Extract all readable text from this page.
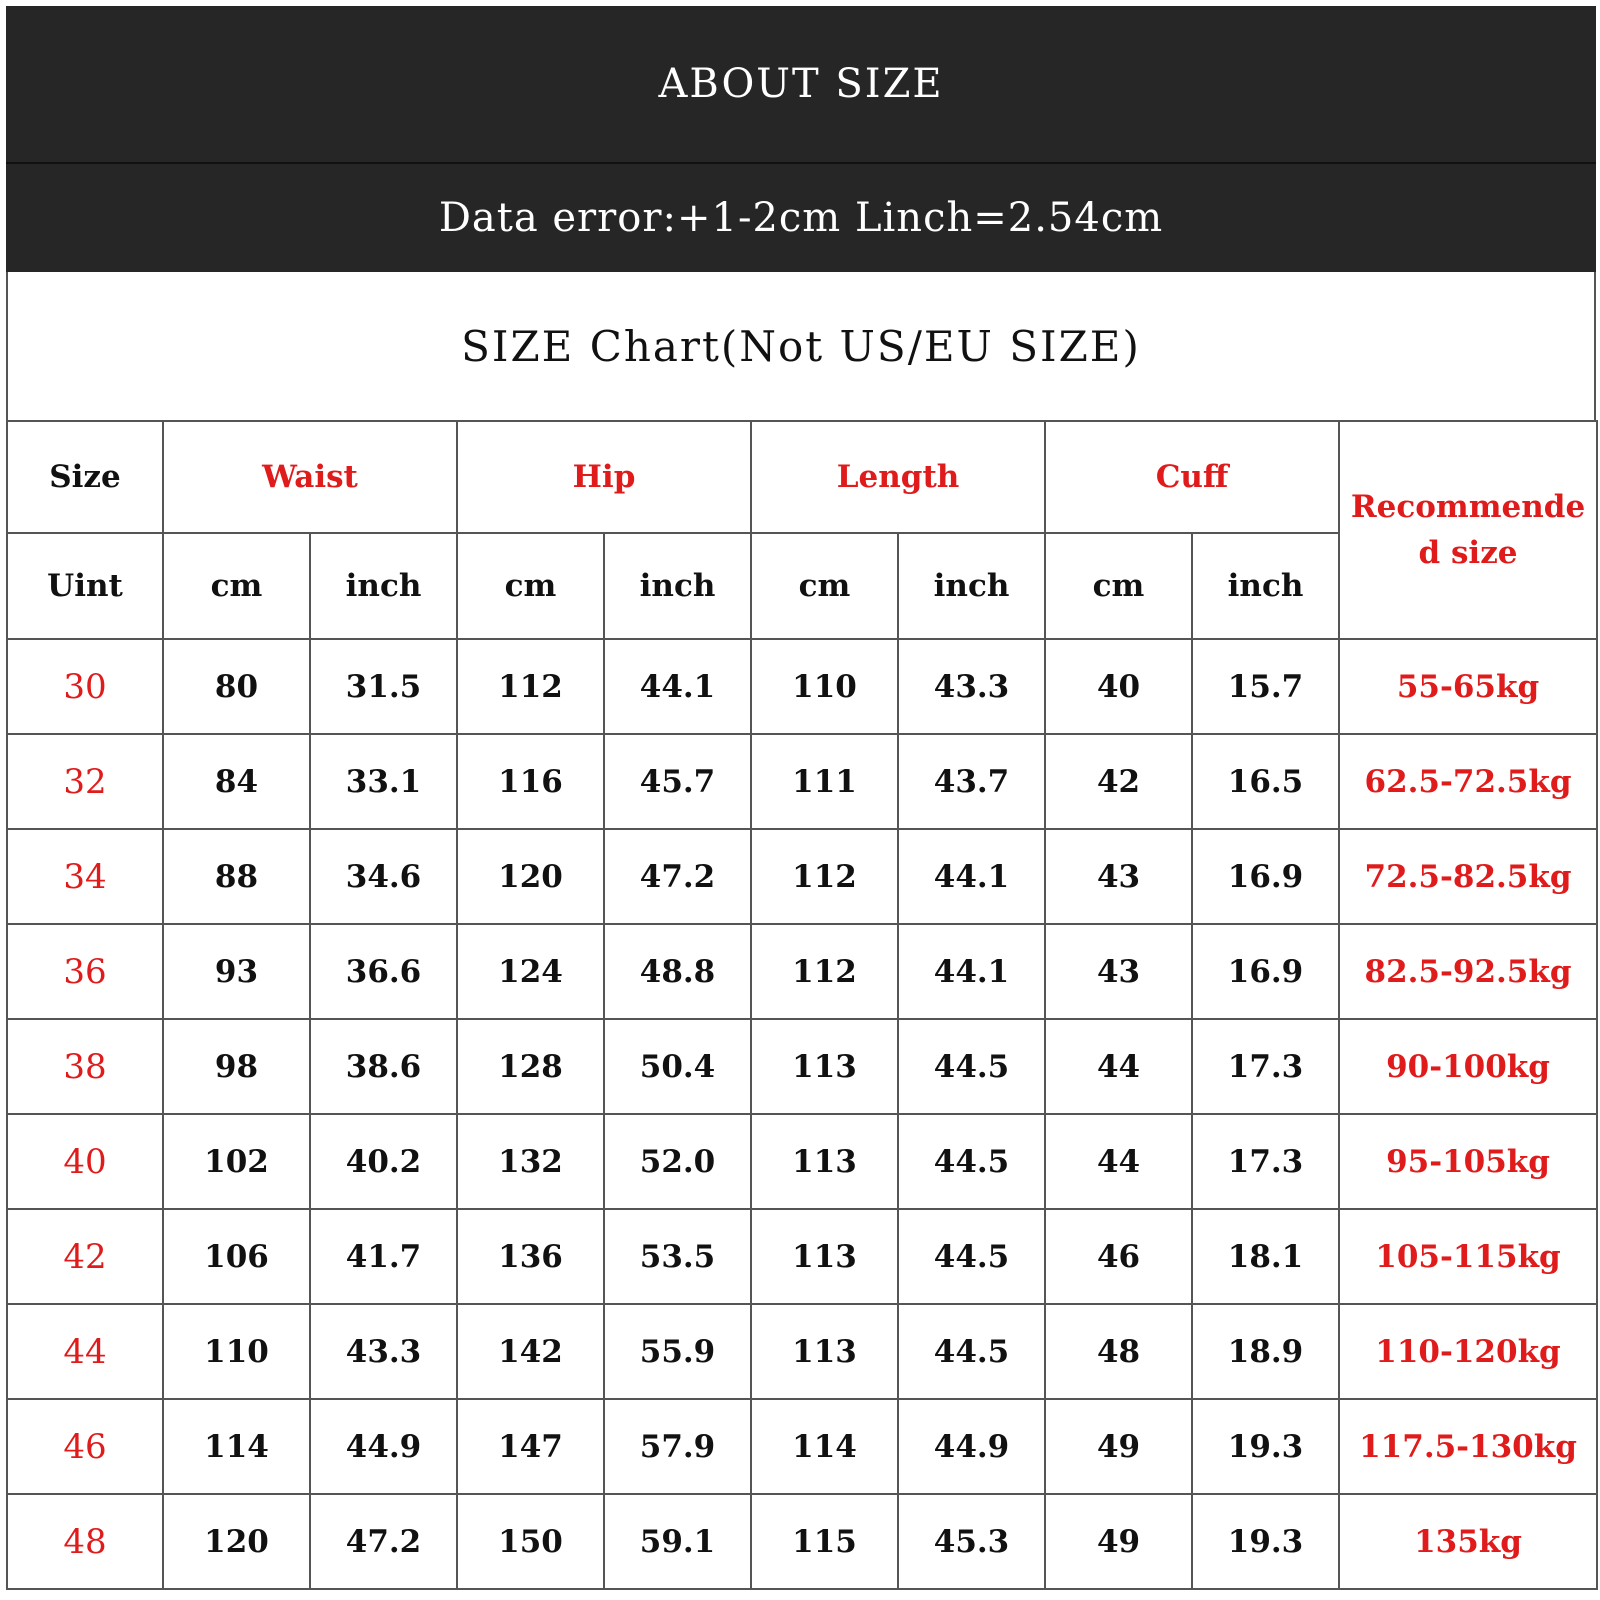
ABOUT SIZE
Data error:+1-2cm Linch=2.54cm
SIZE Chart(Not US/EU SIZE)
Size	Waist		Hip		Length		Cuff		Recommende
d size

Uint	cm	inch	cm	inch	cm	inch	cm	inch	
30	80	31.5	112	44.1	110	43.3	40	15.7	55-65kg
32	84	33.1	116	45.7	111	43.7	42	16.5	62.5-72.5kg
34	88	34.6	120	47.2	112	44.1	43	16.9	72.5-82.5kg
36	93	36.6	124	48.8	112	44.1	43	16.9	82.5-92.5kg
38	98	38.6	128	50.4	113	44.5	44	17.3	90-100kg
40	102	40.2	132	52.0	113	44.5	44	17.3	95-105kg
42	106	41.7	136	53.5	113	44.5	46	18.1	105-115kg
44	110	43.3	142	55.9	113	44.5	48	18.9	110-120kg
46	114	44.9	147	57.9	114	44.9	49	19.3	117.5-130kg
48	120	47.2	150	59.1	115	45.3	49	19.3	135kg
